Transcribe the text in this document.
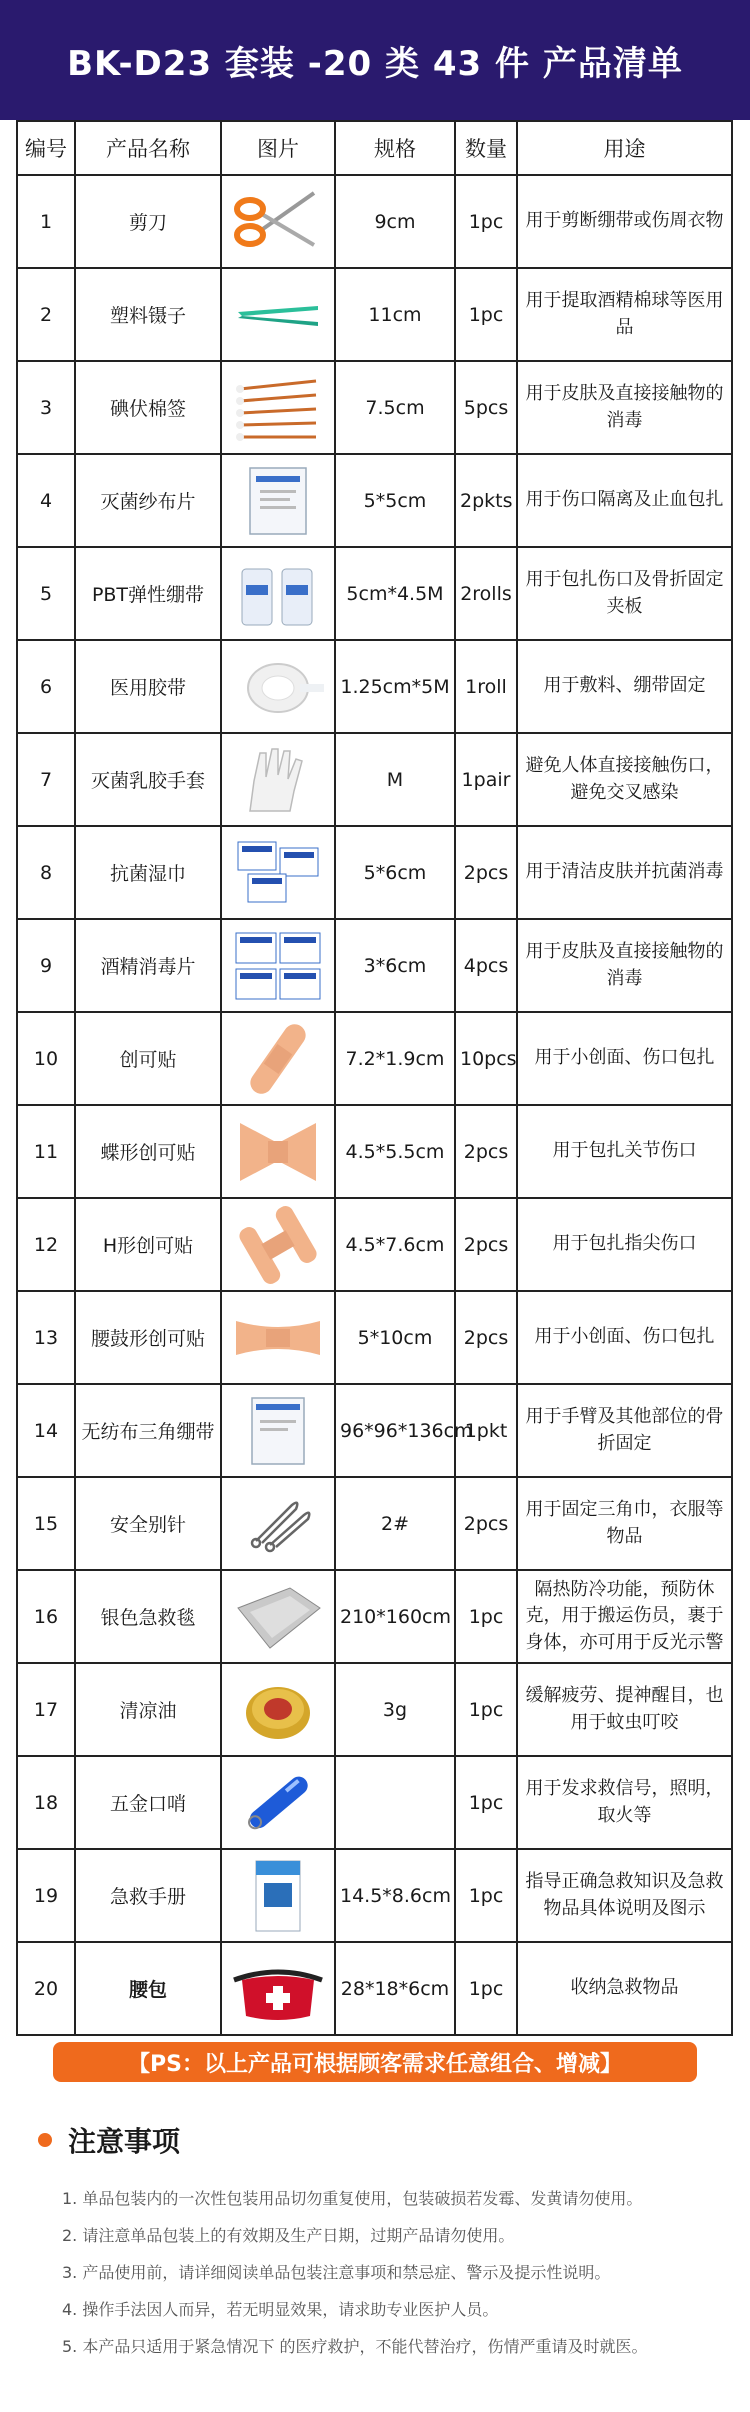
BK-D23 套装 -20 类 43 件 产品清单
编号	产品名称	图片	规格	数量	用途
1	剪刀		9cm	1pc	用于剪断绷带或伤周衣物
2	塑料镊子		11cm	1pc	用于提取酒精棉球等医用品
3	碘伏棉签		7.5cm	5pcs	用于皮肤及直接接触物的消毒
4	灭菌纱布片		5*5cm	2pkts	用于伤口隔离及止血包扎
5	PBT弹性绷带		5cm*4.5M	2rolls	用于包扎伤口及骨折固定夹板
6	医用胶带		1.25cm*5M	1roll	用于敷料、绷带固定
7	灭菌乳胶手套		M	1pair	避免人体直接接触伤口，避免交叉感染
8	抗菌湿巾		5*6cm	2pcs	用于清洁皮肤并抗菌消毒
9	酒精消毒片		3*6cm	4pcs	用于皮肤及直接接触物的消毒
10	创可贴		7.2*1.9cm	10pcs	用于小创面、伤口包扎
11	蝶形创可贴		4.5*5.5cm	2pcs	用于包扎关节伤口
12	H形创可贴		4.5*7.6cm	2pcs	用于包扎指尖伤口
13	腰鼓形创可贴		5*10cm	2pcs	用于小创面、伤口包扎
14	无纺布三角绷带		96*96*136cm	1pkt	用于手臂及其他部位的骨折固定
15	安全别针		2#	2pcs	用于固定三角巾，衣服等物品
16	银色急救毯		210*160cm	1pc	隔热防冷功能，预防休克，用于搬运伤员，裹于身体，亦可用于反光示警
17	清凉油		3g	1pc	缓解疲劳、提神醒目，也用于蚊虫叮咬
18	五金口哨			1pc	用于发求救信号，照明，取火等
19	急救手册		14.5*8.6cm	1pc	指导正确急救知识及急救物品具体说明及图示
20	腰包		28*18*6cm	1pc	收纳急救物品
【PS：以上产品可根据顾客需求任意组合、增减】
注意事项
1. 单品包装内的一次性包装用品切勿重复使用，包装破损若发霉、发黄请勿使用。
2. 请注意单品包装上的有效期及生产日期，过期产品请勿使用。
3. 产品使用前，请详细阅读单品包装注意事项和禁忌症、警示及提示性说明。
4. 操作手法因人而异，若无明显效果，请求助专业医护人员。
5. 本产品只适用于紧急情况下 的医疗救护，不能代替治疗，伤情严重请及时就医。
